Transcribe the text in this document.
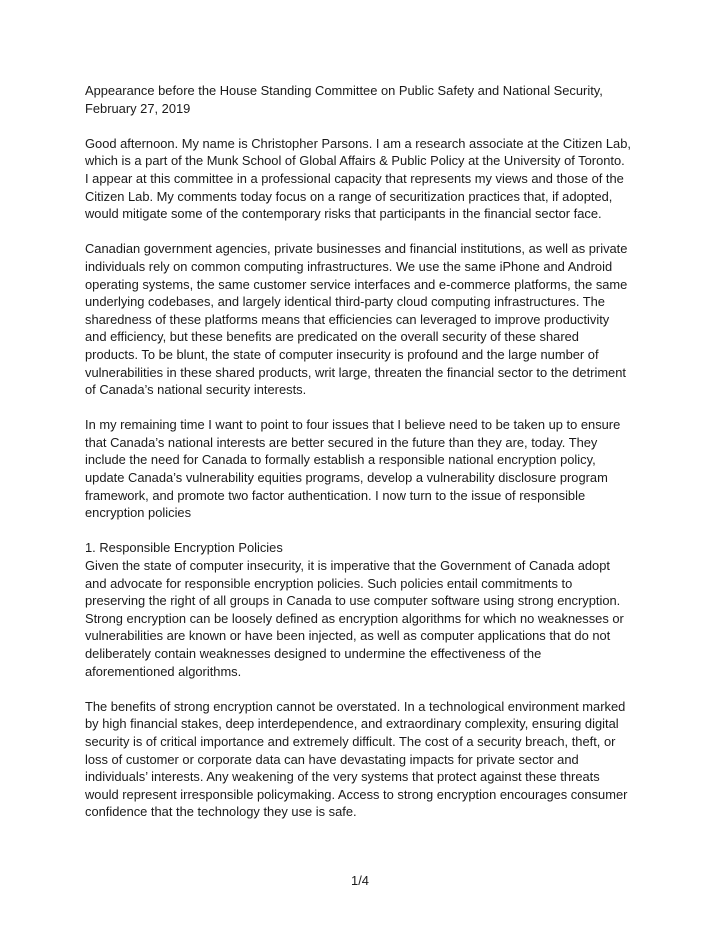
Appearance before the House Standing Committee on Public Safety and National Security,

February 27, 2019

Good afternoon. My name is Christopher Parsons. I am a research associate at the Citizen Lab,

which is a part of the Munk School of Global Affairs & Public Policy at the University of Toronto.

I appear at this committee in a professional capacity that represents my views and those of the

Citizen Lab. My comments today focus on a range of securitization practices that, if adopted,

would mitigate some of the contemporary risks that participants in the financial sector face.

Canadian government agencies, private businesses and financial institutions, as well as private

individuals rely on common computing infrastructures. We use the same iPhone and Android

operating systems, the same customer service interfaces and e-commerce platforms, the same

underlying codebases, and largely identical third-party cloud computing infrastructures. The

sharedness of these platforms means that efficiencies can leveraged to improve productivity

and efficiency, but these benefits are predicated on the overall security of these shared

products. To be blunt, the state of computer insecurity is profound and the large number of

vulnerabilities in these shared products, writ large, threaten the financial sector to the detriment

of Canada’s national security interests.

In my remaining time I want to point to four issues that I believe need to be taken up to ensure

that Canada’s national interests are better secured in the future than they are, today. They

include the need for Canada to formally establish a responsible national encryption policy,

update Canada’s vulnerability equities programs, develop a vulnerability disclosure program

framework, and promote two factor authentication. I now turn to the issue of responsible

encryption policies

1. Responsible Encryption Policies

Given the state of computer insecurity, it is imperative that the Government of Canada adopt

and advocate for responsible encryption policies. Such policies entail commitments to

preserving the right of all groups in Canada to use computer software using strong encryption.

Strong encryption can be loosely defined as encryption algorithms for which no weaknesses or

vulnerabilities are known or have been injected, as well as computer applications that do not

deliberately contain weaknesses designed to undermine the effectiveness of the

aforementioned algorithms.

The benefits of strong encryption cannot be overstated. In a technological environment marked

by high financial stakes, deep interdependence, and extraordinary complexity, ensuring digital

security is of critical importance and extremely difficult. The cost of a security breach, theft, or

loss of customer or corporate data can have devastating impacts for private sector and

individuals’ interests. Any weakening of the very systems that protect against these threats

would represent irresponsible policymaking. Access to strong encryption encourages consumer

confidence that the technology they use is safe.

1/4
